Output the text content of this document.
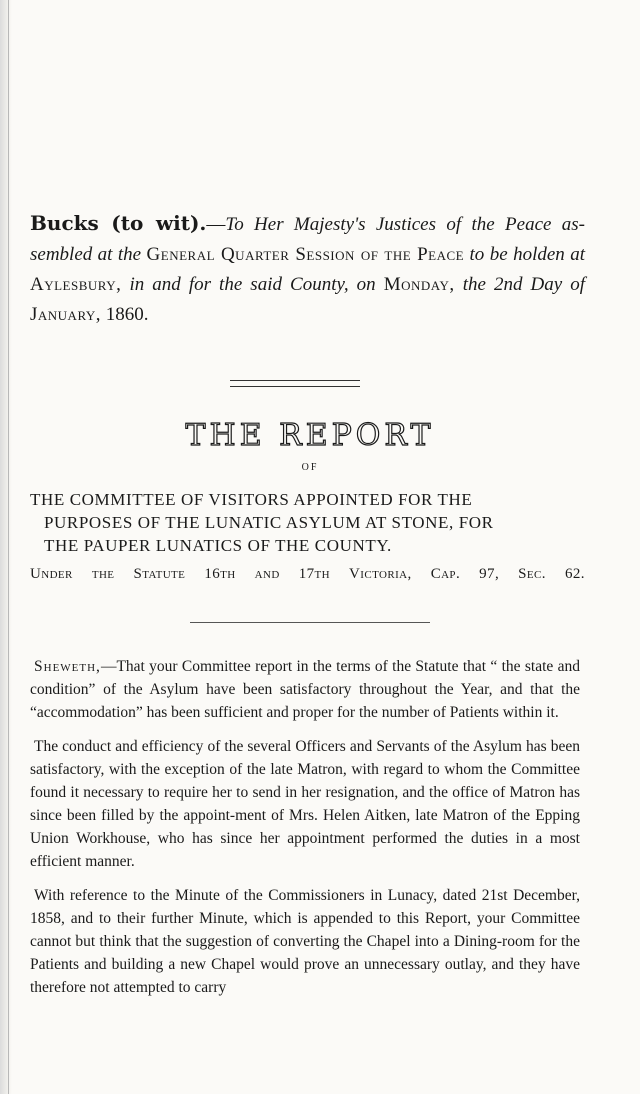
Bucks (to wit).—To Her Majesty's Justices of the Peace as-sembled at the General Quarter Session of the Peace to be holden at Aylesbury, in and for the said County, on Monday, the 2nd Day of January, 1860.
THE REPORT
OF
THE COMMITTEE OF VISITORS APPOINTED FOR THE
PURPOSES OF THE LUNATIC ASYLUM AT STONE, FOR
THE PAUPER LUNATICS OF THE COUNTY.
Under the Statute 16th and 17th Victoria, Cap. 97, Sec. 62.

Sheweth,—That your Committee report in the terms of the Statute that “ the state and condition” of the Asylum have been satisfactory throughout the Year, and that the “accommodation” has been sufficient and proper for the number of Patients within it.

The conduct and efficiency of the several Officers and Servants of the Asylum has been satisfactory, with the exception of the late Matron, with regard to whom the Committee found it necessary to require her to send in her resignation, and the office of Matron has since been filled by the appoint-ment of Mrs. Helen Aitken, late Matron of the Epping Union Workhouse, who has since her appointment performed the duties in a most efficient manner.

With reference to the Minute of the Commissioners in Lunacy, dated 21st December, 1858, and to their further Minute, which is appended to this Report, your Committee cannot but think that the suggestion of converting the Chapel into a Dining-room for the Patients and building a new Chapel would prove an unnecessary outlay, and they have therefore not attempted to carry
